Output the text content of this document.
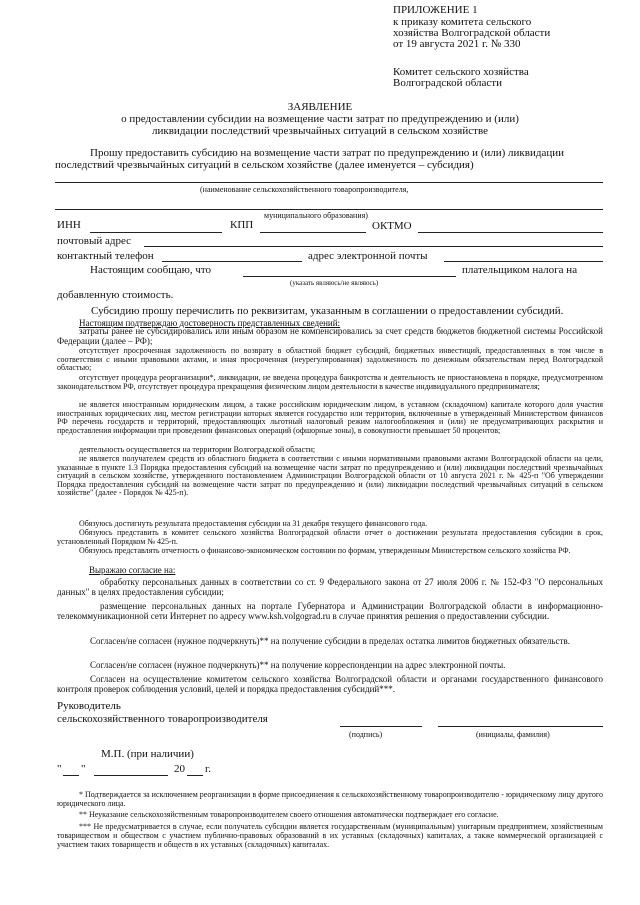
ПРИЛОЖЕНИЕ 1
к приказу комитета сельского
хозяйства Волгоградской области
от 19 августа 2021 г. № 330
Комитет сельского хозяйства
Волгоградской области
ЗАЯВЛЕНИЕ
о предоставлении субсидии на возмещение части затрат по предупреждению и (или)
ликвидации последствий чрезвычайных ситуаций в сельском хозяйстве
Прошу предоставить субсидию на возмещение части затрат по предупреждению и (или) ликвидации
последствий чрезвычайных ситуаций в сельском хозяйстве (далее именуется – субсидия)
(наименование сельскохозяйственного товаропроизводителя,
муниципального образования)
ИНН	КПП	ОКТМО
почтовый адрес
контактный телефон	адрес электронной почты
Настоящим сообщаю, что	плательщиком налога на
(указать являюсь/не являюсь)
добавленную стоимость.
Субсидию прошу перечислить по реквизитам, указанным в соглашении о предоставлении субсидий.
Настоящим подтверждаю достоверность представленных сведений:
затраты ранее не субсидировались или иным образом не компенсировались за счет средств бюджетов бюджетной системы Российской Федерации (далее – РФ);
отсутствует просроченная задолженность по возврату в областной бюджет субсидий, бюджетных инвестиций, предоставленных в том числе в соответствии с иными правовыми актами, и иная просроченная (неурегулированная) задолженность по денежным обязательствам перед Волгоградской областью;
отсутствует процедура реорганизации*, ликвидации, не введена процедура банкротства и деятельность не приостановлена в порядке, предусмотренном законодательством РФ, отсутствует процедура прекращения физическим лицом деятельности в качестве индивидуального предпринимателя;
не является иностранным юридическим лицом, а также российским юридическим лицом, в уставном (складочном) капитале которого доля участия иностранных юридических лиц, местом регистрации которых является государство или территория, включенные в утвержденный Министерством финансов РФ перечень государств и территорий, предоставляющих льготный налоговый режим налогообложения и (или) не предусматривающих раскрытия и предоставления информации при проведении финансовых операций (офшорные зоны), в совокупности превышает 50 процентов;
деятельность осуществляется на территории Волгоградской области;
не является получателем средств из областного бюджета в соответствии с иными нормативными правовыми актами Волгоградской области на цели, указанные в пункте 1.3 Порядка предоставления субсидий на возмещение части затрат по предупреждению и (или) ликвидации последствий чрезвычайных ситуаций в сельском хозяйстве, утвержденного постановлением Администрации Волгоградской области от 10 августа 2021 г. № 425-п "Об утверждении Порядка предоставления субсидий на возмещение части затрат по предупреждению и (или) ликвидации последствий чрезвычайных ситуаций в сельском хозяйстве" (далее - Порядок № 425-п).
Обязуюсь достигнуть результата предоставления субсидии на 31 декабря текущего финансового года.
Обязуюсь представить в комитет сельского хозяйства Волгоградской области отчет о достижении результата предоставления субсидии в срок, установленный Порядком № 425-п.
Обязуюсь представлять отчетность о финансово-экономическом состоянии по формам, утвержденным Министерством сельского хозяйства РФ.
Выражаю согласие на:
обработку персональных данных в соответствии со ст. 9 Федерального закона от 27 июля 2006 г. № 152-ФЗ "О персональных данных" в целях предоставления субсидии;
размещение персональных данных на портале Губернатора и Администрации Волгоградской области в информационно-телекоммуникационной сети Интернет по адресу www.ksh.volgograd.ru в случае принятия решения о предоставлении субсидии.
Согласен/не согласен (нужное подчеркнуть)** на получение субсидии в пределах остатка лимитов бюджетных обязательств.
Согласен/не согласен (нужное подчеркнуть)** на получение корреспонденции на адрес электронной почты.
Согласен на осуществление комитетом сельского хозяйства Волгоградской области и органами государственного финансового контроля проверок соблюдения условий, целей и порядка предоставления субсидий***.
Руководитель
сельскохозяйственного товаропроизводителя
(подпись)	(инициалы, фамилия)
М.П. (при наличии)
" "	20 г.
* Подтверждается за исключением реорганизации в форме присоединения к сельскохозяйственному товаропроизводителю - юридическому лицу другого юридического лица.
** Неуказание сельскохозяйственным товаропроизводителем своего отношения автоматически подтверждает его согласие.
*** Не предусматривается в случае, если получатель субсидии является государственным (муниципальным) унитарным предприятием, хозяйственным товариществом и обществом с участием публично-правовых образований в их уставных (складочных) капиталах, а также коммерческой организацией с участием таких товариществ и обществ в их уставных (складочных) капиталах.
